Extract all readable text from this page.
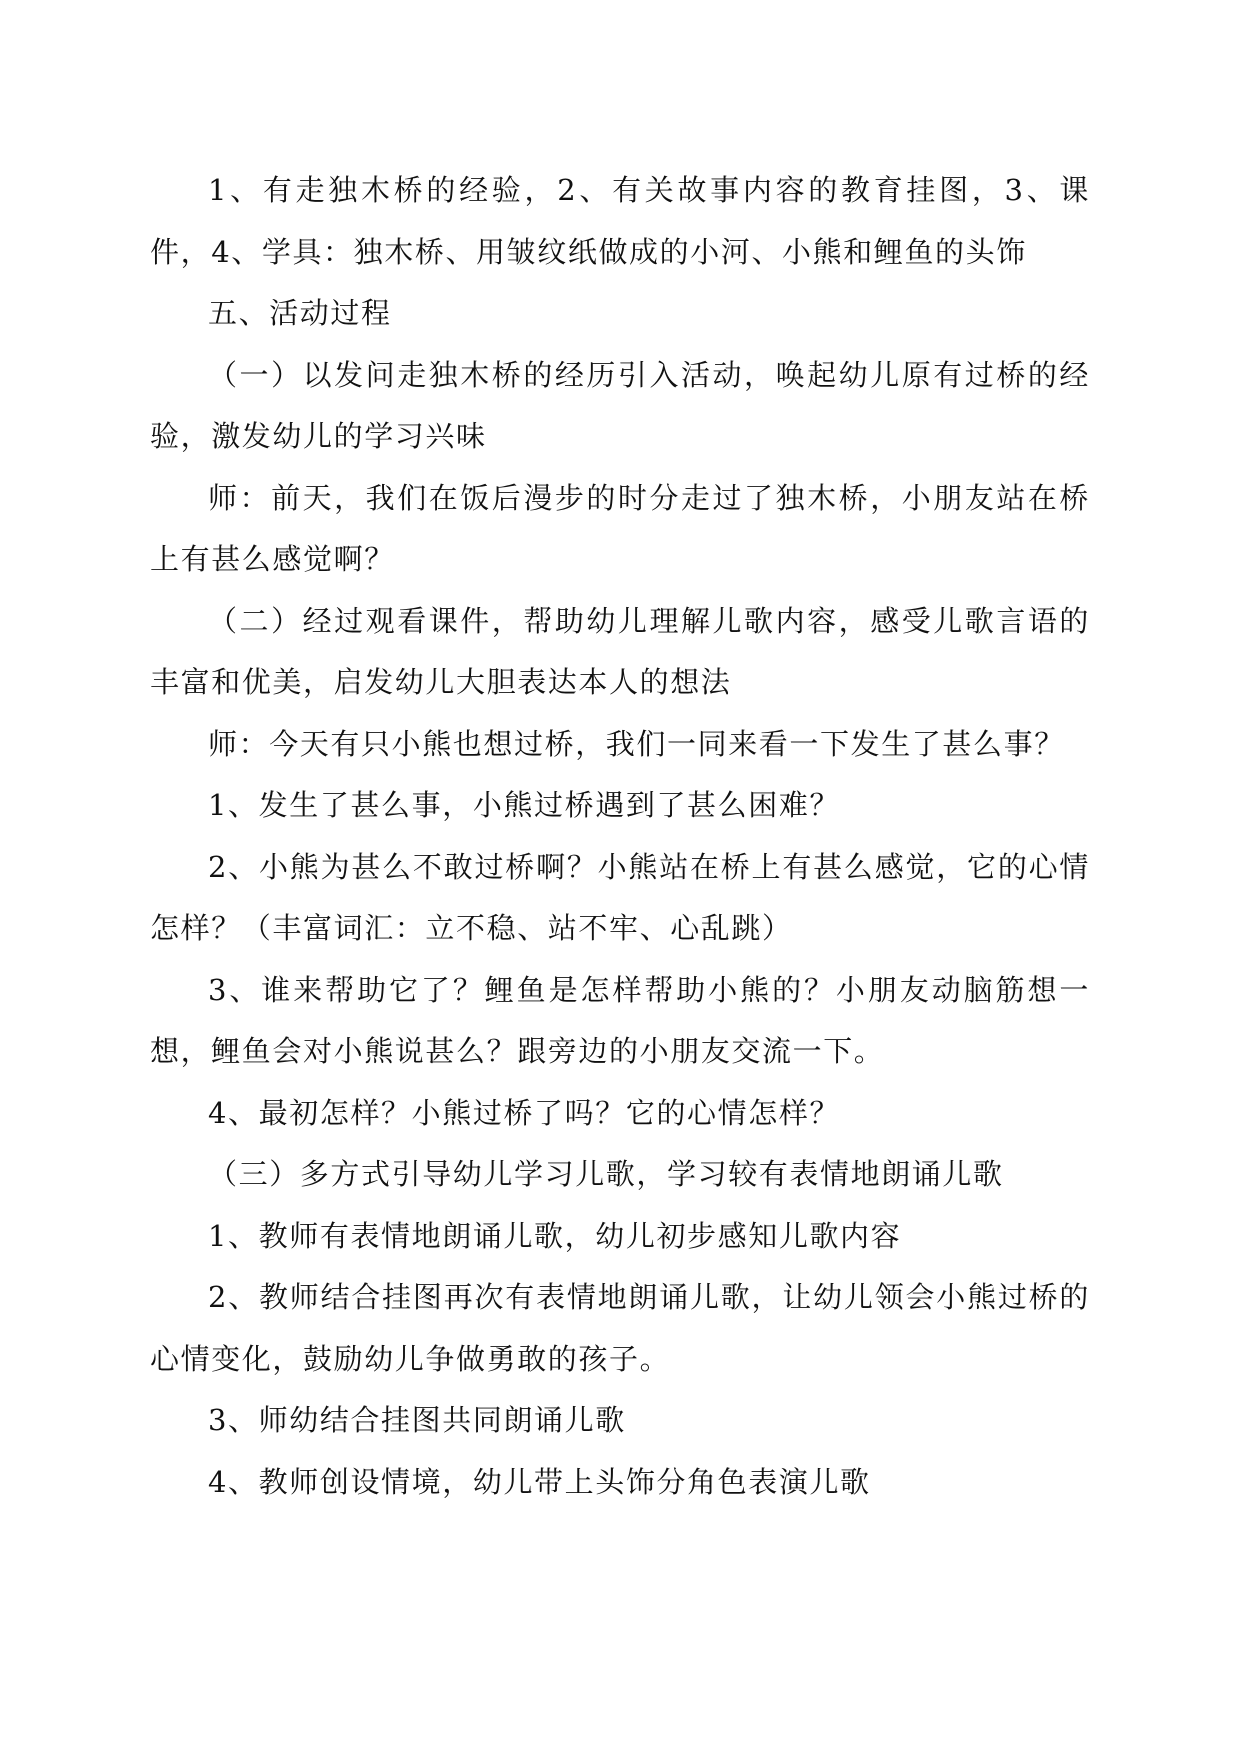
1、有走独木桥的经验，2、有关故事内容的教育挂图，3、课件，4、学具：独木桥、用皱纹纸做成的小河、小熊和鲤鱼的头饰

五、活动过程

（一）以发问走独木桥的经历引入活动，唤起幼儿原有过桥的经验，激发幼儿的学习兴味

师：前天，我们在饭后漫步的时分走过了独木桥，小朋友站在桥上有甚么感觉啊？

（二）经过观看课件，帮助幼儿理解儿歌内容，感受儿歌言语的丰富和优美，启发幼儿大胆表达本人的想法

师：今天有只小熊也想过桥，我们一同来看一下发生了甚么事？

1、发生了甚么事，小熊过桥遇到了甚么困难？

2、小熊为甚么不敢过桥啊？小熊站在桥上有甚么感觉，它的心情怎样？（丰富词汇：立不稳、站不牢、心乱跳）

3、谁来帮助它了？鲤鱼是怎样帮助小熊的？小朋友动脑筋想一想，鲤鱼会对小熊说甚么？跟旁边的小朋友交流一下。

4、最初怎样？小熊过桥了吗？它的心情怎样？

（三）多方式引导幼儿学习儿歌，学习较有表情地朗诵儿歌

1、教师有表情地朗诵儿歌，幼儿初步感知儿歌内容

2、教师结合挂图再次有表情地朗诵儿歌，让幼儿领会小熊过桥的心情变化，鼓励幼儿争做勇敢的孩子。

3、师幼结合挂图共同朗诵儿歌

4、教师创设情境，幼儿带上头饰分角色表演儿歌
